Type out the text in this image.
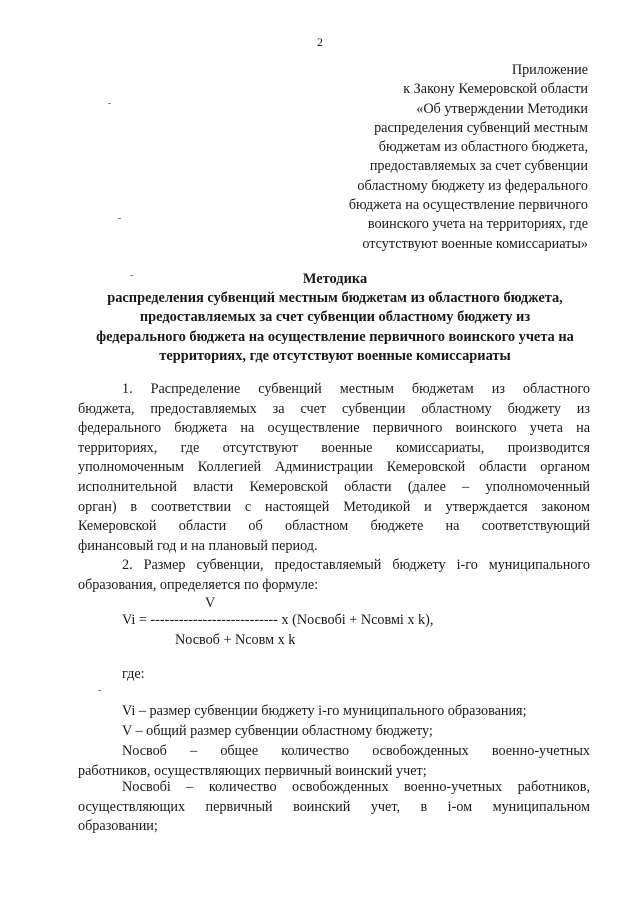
2
Приложение
к Закону Кемеровской области
«Об утверждении Методики
распределения субвенций местным
бюджетам из областного бюджета,
предоставляемых за счет субвенции
областному бюджету из федерального
бюджета на осуществление первичного
воинского учета на территориях, где
отсутствуют военные комиссариаты»
Методика
распределения субвенций местным бюджетам из областного бюджета,
предоставляемых за счет субвенции областному бюджету из
федерального бюджета на осуществление первичного воинского учета на
территориях, где отсутствуют военные комиссариаты
1. Распределение субвенций местным бюджетам из областного
бюджета, предоставляемых за счет субвенции областному бюджету из
федерального бюджета на осуществление первичного воинского учета на
территориях, где отсутствуют военные комиссариаты, производится
уполномоченным Коллегией Администрации Кемеровской области органом
исполнительной власти Кемеровской области (далее – уполномоченный
орган) в соответствии с настоящей Методикой и утверждается законом
Кемеровской области об областном бюджете на соответствующий
финансовый год и на плановый период.
2. Размер субвенции, предоставляемый бюджету i-го муниципального
образования, определяется по формуле:
V
Vi = --------------------------- x (Nосвобi + Nсовмi x k),
Nосвоб + Nсовм x k
где:
Vi – размер субвенции бюджету i-го муниципального образования;
V – общий размер субвенции областному бюджету;
Nосвоб – общее количество освобожденных военно-учетных
работников, осуществляющих первичный воинский учет;
Nосвобi – количество освобожденных военно-учетных работников,
осуществляющих первичный воинский учет, в i-ом муниципальном
образовании;
